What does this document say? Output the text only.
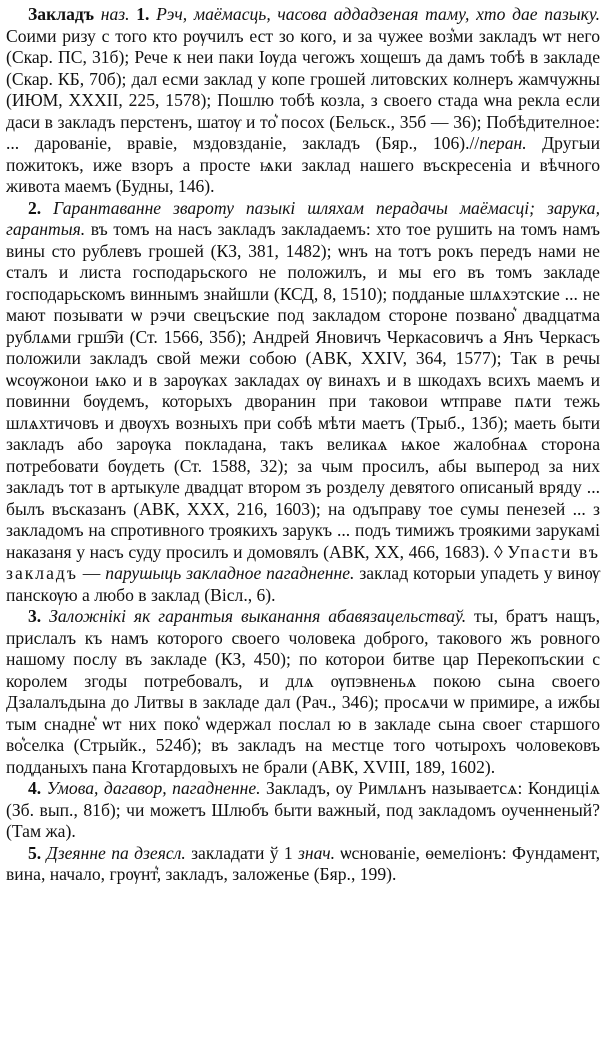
Закладъ наз. 1. Рэч, маёмасць, часова аддадзеная таму, хто дае пазыку. Соими ризу с того кто рѹчилъ ест зо кого, и за чужее воз͛ми закладъ ѡт него (Скар. ПС, 31б); Рече к неи паки Іѹда чегожъ хощешъ да дамъ тобѣ в закладе (Скар. КБ, 70б); дал есми заклад у копе грошей литовских колнеръ жамчужны (ИЮМ, XXXII, 225, 1578); Пошлю тобѣ козла, з своего стада ѡна рекла если даси в закладъ перстенъ, шатѹ и то͛ посох (Бельск., 35б — 36); Побѣдителное: ... дарованiе, вравiе, мздовзданiе, закладъ (Бяр., 106).//перан. Другыи пожитокъ, иже взоръ а просте ѩки заклад нашего въскресенiа и вѣчного живота маемъ (Будны, 146).

2. Гарантаванне звароту пазыкі шляхам перадачы маёмасці; зарука, гарантыя. въ томъ на насъ закладъ закладаемъ: хто тое рушить на томъ намъ вины сто рублевъ грошей (КЗ, 381, 1482); ѡнъ на тотъ рокъ передъ нами не сталъ и листа господарьского не положилъ, и мы его въ томъ закладе господарьскомъ виннымъ знайшли (КСД, 8, 1510); подданые шлѧхэтские ... не мают позывати ѡ рэчи свецъские под закладом стороне позвано͛ двадцатма рублѧми грш͡эи (Ст. 1566, 35б); Андрей Яновичъ Черкасовичъ а Янъ Черкасъ положили закладъ свой межи собою (АВК, XXIV, 364, 1577); Так в речы ѡсѹжонои ѩко и в зарѹках закладах ѹ винахъ и в шкодахъ всихъ маемъ и повинни бѹдемъ, которыхъ дворанин при таковои ѡтправе пѧти тежь шлѧхтичовъ и двѹхъ возныхъ при собѣ мѣти маетъ (Трыб., 13б); маеть быти закладъ або зарѹка покладана, такъ великаѧ ѩкое жалобнаѧ сторона потребовати бѹдеть (Ст. 1588, 32); за чым просилъ, абы выперод за них закладъ тот в артыкуле двадцат втором зъ розделу девятого описаный вряду ... былъ въсказанъ (АВК, XXX, 216, 1603); на одъправу тое сумы пенезей ... з закладомъ на спротивного троякихъ зарукъ ... подъ тимижъ троякими зарукамi наказаня у насъ суду просилъ и домовялъ (АВК, XX, 466, 1683). ◊ Упасти въ закладъ — парушыць закладное пагадненне. заклад которыи упадеть у винѹ панскѹю а любо в заклад (Віcл., 6).

3. Заложнікі як гарантыя выканання абавязацельстваў. ты, братъ нащъ, прислалъ къ намъ которого своего чоловека доброго, такового жъ ровного нашому послу въ закладе (КЗ, 450); по которои битве цар Перекопъскии с королем згоды потребовалъ, и длѧ ѹпэвненьѧ покою сына своего Дзалалъдына до Литвы в закладе дал (Рач., 346); просѧчи ѡ примире, а ижбы тым снадне͛ ѡт них поко͛ ѡдержал послал ю в закладе сына своег старшого во͛селка (Стрыйк., 524б); въ закладъ на местце того чотырохъ чоловековъ подданыхъ пана Кготардовыхъ не брали (АВК, XVIII, 189, 1602).

4. Умова, дагавор, пагадненне. Закладъ, оу Римлѧнъ называетсѧ: Кондиціѧ (Зб. вып., 81б); чи можетъ Шлюбъ быти важный, под закладомъ оученненый? (Там жа).

5. Дзеянне па дзеясл. закладати ў 1 знач. ѡснованiе, ѳемелiонъ: Фундамент, вина, начало, грѹнт͛, закладъ, заложенье (Бяр., 199).
